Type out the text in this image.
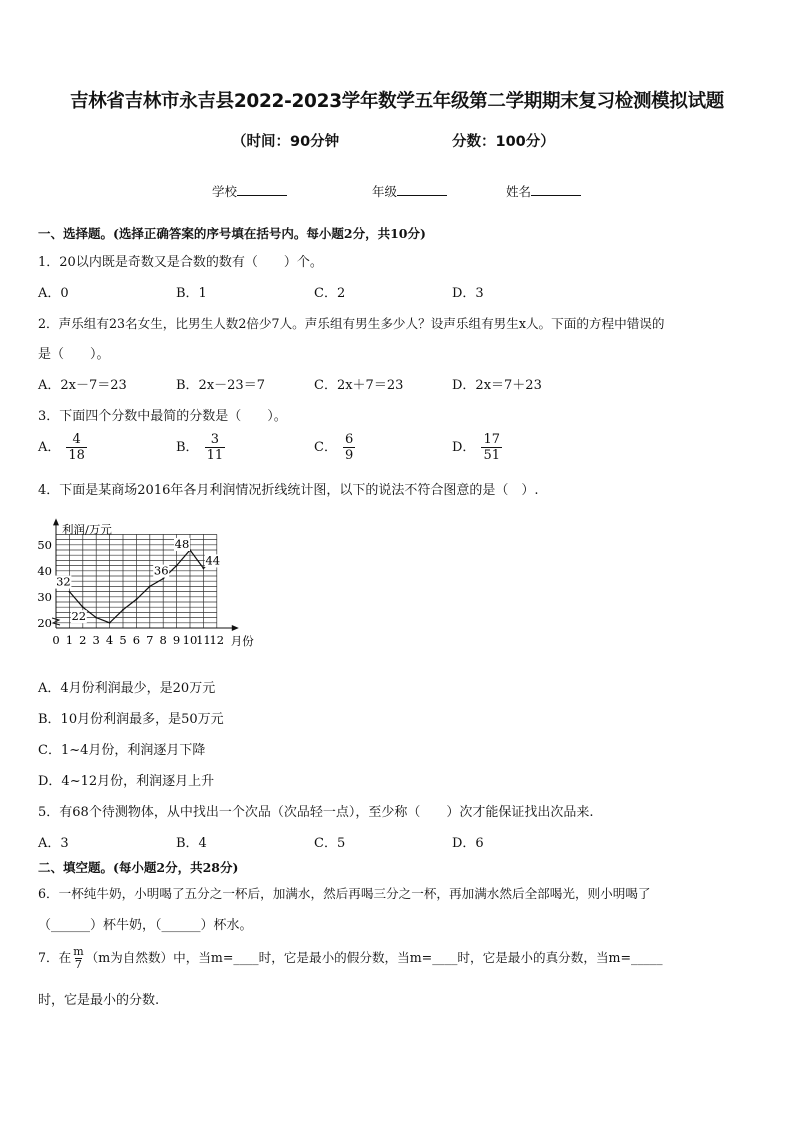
吉林省吉林市永吉县2022-2023学年数学五年级第二学期期末复习检测模拟试题
（时间：90分钟	分数：100分）
学校	年级	姓名
一、选择题。(选择正确答案的序号填在括号内。每小题2分，共10分)
1．20以内既是奇数又是合数的数有（　　）个。
A．0	B．1	C．2	D．3
2．声乐组有23名女生，比男生人数2倍少7人。声乐组有男生多少人？设声乐组有男生x人。下面的方程中错误的
是（　　）。
A．2x－7＝23	B．2x－23＝7	C．2x＋7＝23	D．2x＝7＋23
3．下面四个分数中最简的分数是（　　）。
A． $\frac{4}{18}$	B． $\frac{3}{11}$	C． $\frac{6}{9}$	D． $\frac{17}{51}$
4．下面是某商场2016年各月利润情况折线统计图，以下的说法不符合图意的是（　）.
利润/万元
月份
0 1 2 3 4 5 6 7 8 9 10
11
12
20
30
40
50
32
22
36
48
44
A．4月份利润最少，是20万元
B．10月份利润最多，是50万元
C．1~4月份，利润逐月下降
D．4~12月份，利润逐月上升
5．有68个待测物体，从中找出一个次品（次品轻一点），至少称（　　）次才能保证找出次品来.
A．3	B．4	C．5	D．6
二、填空题。(每小题2分，共28分)
6．一杯纯牛奶，小明喝了五分之一杯后，加满水，然后再喝三分之一杯，再加满水然后全部喝光，则小明喝了
（______）杯牛奶，（______）杯水。
7．在 $\frac{m}{7} (m$为自然数）中，当m=____时，它是最小的假分数，当m=____时，它是最小的真分数，当m=_____
时，它是最小的分数.
